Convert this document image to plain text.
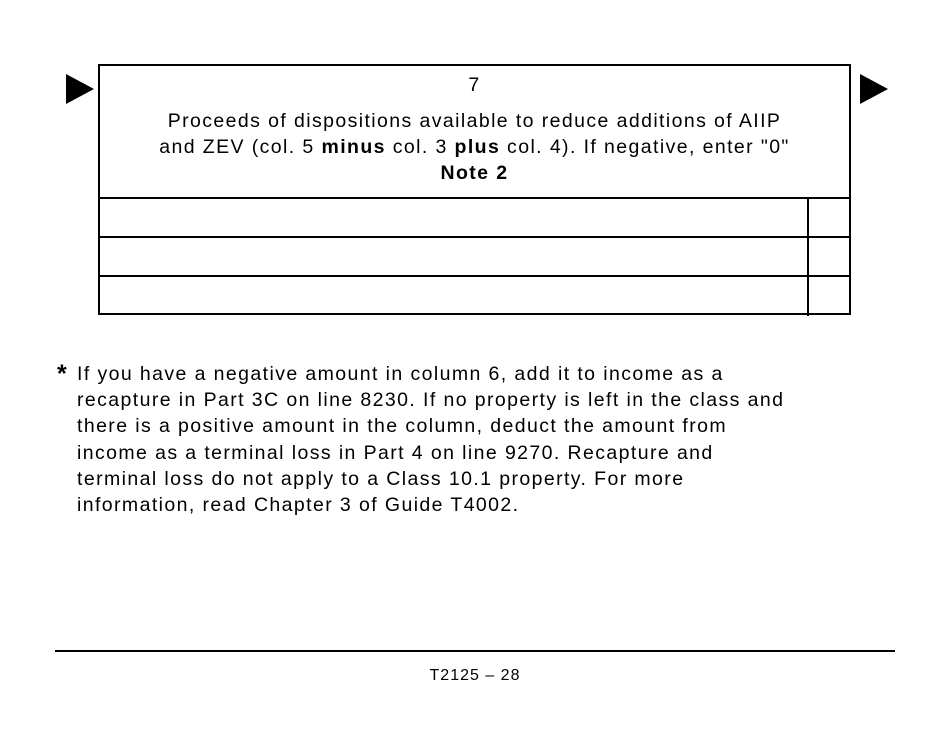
7
Proceeds of dispositions available to reduce additions of AIIP
and ZEV (col. 5 minus col. 3 plus col. 4). If negative, enter "0"
Note 2
* If you have a negative amount in column 6, add it to income as a
recapture in Part 3C on line 8230. If no property is left in the class and
there is a positive amount in the column, deduct the amount from
income as a terminal loss in Part 4 on line 9270. Recapture and
terminal loss do not apply to a Class 10.1 property. For more
information, read Chapter 3 of Guide T4002.
T2125 – 28
